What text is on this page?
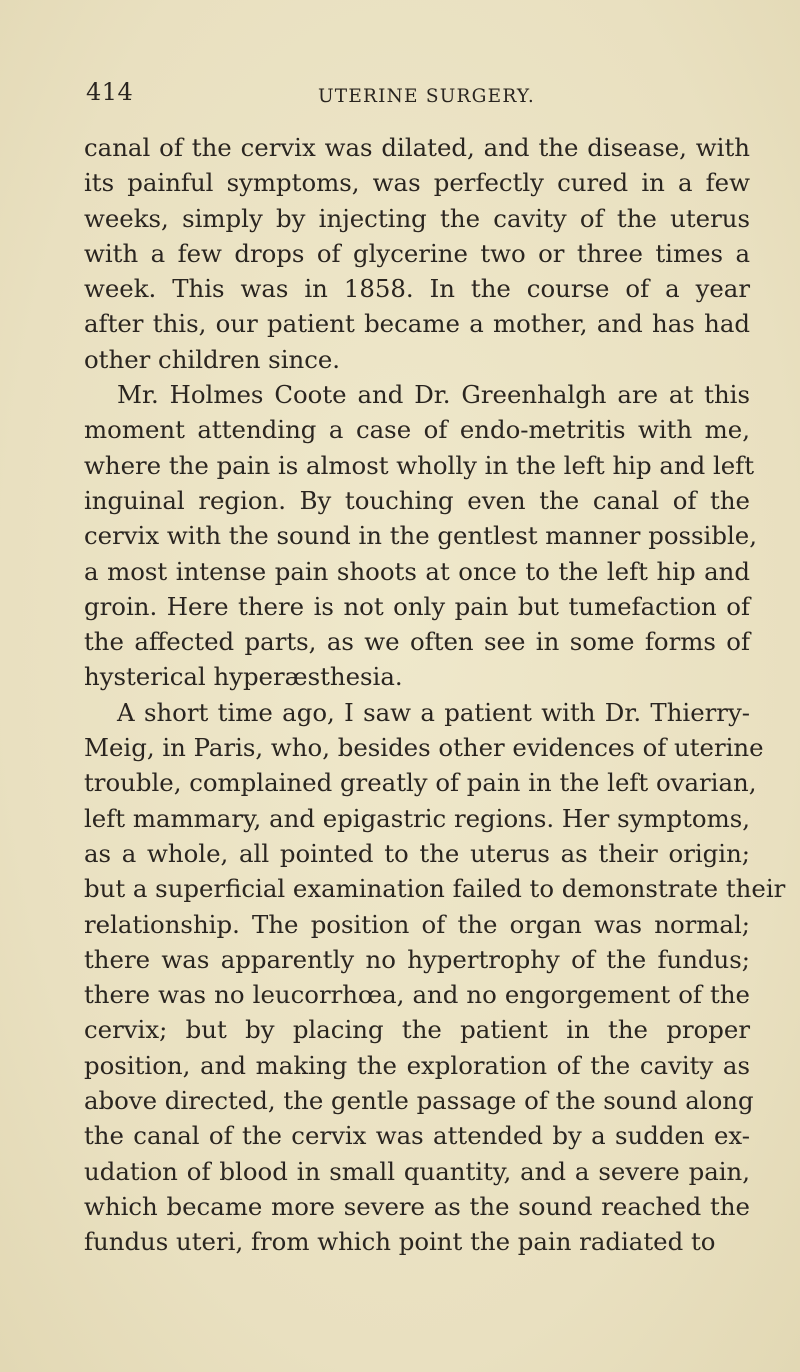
414	UTERINE SURGERY.
canal of the cervix was dilated, and the disease, with
its painful symptoms, was perfectly cured in a few
weeks, simply by injecting the cavity of the uterus
with a few drops of glycerine two or three times a
week. This was in 1858. In the course of a year
after this, our patient became a mother, and has had
other children since.
Mr. Holmes Coote and Dr. Greenhalgh are at this
moment attending a case of endo-metritis with me,
where the pain is almost wholly in the left hip and left
inguinal region. By touching even the canal of the
cervix with the sound in the gentlest manner possible,
a most intense pain shoots at once to the left hip and
groin. Here there is not only pain but tumefaction of
the affected parts, as we often see in some forms of
hysterical hyperæsthesia.
A short time ago, I saw a patient with Dr. Thierry-
Meig, in Paris, who, besides other evidences of uterine
trouble, complained greatly of pain in the left ovarian,
left mammary, and epigastric regions. Her symptoms,
as a whole, all pointed to the uterus as their origin;
but a superficial examination failed to demonstrate their
relationship. The position of the organ was normal;
there was apparently no hypertrophy of the fundus;
there was no leucorrhœa, and no engorgement of the
cervix; but by placing the patient in the proper
position, and making the exploration of the cavity as
above directed, the gentle passage of the sound along
the canal of the cervix was attended by a sudden ex-
udation of blood in small quantity, and a severe pain,
which became more severe as the sound reached the
fundus uteri, from which point the pain radiated to
